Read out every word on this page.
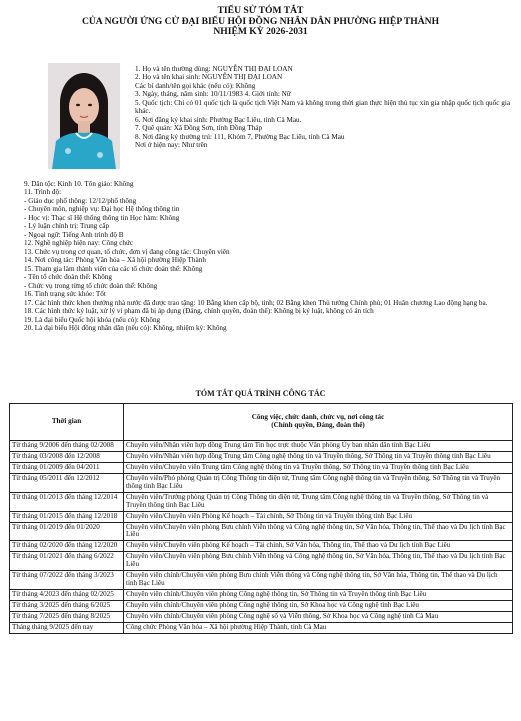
TIỂU SỬ TÓM TẮT
CỦA NGƯỜI ỨNG CỬ ĐẠI BIỂU HỘI ĐỒNG NHÂN DÂN PHƯỜNG HIỆP THÀNH
NHIỆM KỲ 2026-2031
1. Họ và tên thường dùng: NGUYỄN THỊ ĐẠI LOAN
2. Họ và tên khai sinh: NGUYỄN THỊ ĐẠI LOAN
Các bí danh/tên gọi khác (nếu có): Không
3. Ngày, tháng, năm sinh: 10/11/1983 4. Giới tính: Nữ
5. Quốc tịch: Chỉ có 01 quốc tịch là quốc tịch Việt Nam và không trong thời gian thực hiện thủ tục xin gia nhập quốc tịch quốc gia khác.
6. Nơi đăng ký khai sinh: Phường Bạc Liêu, tỉnh Cà Mau.
7. Quê quán: Xã Đồng Sơn, tỉnh Đồng Tháp
8. Nơi đăng ký thường trú: 111, Khóm 7, Phường Bạc Liêu, tỉnh Cà Mau
Nơi ở hiện nay: Như trên
9. Dân tộc: Kinh 10. Tôn giáo: Không
11. Trình độ:
- Giáo dục phổ thông: 12/12/phổ thông
- Chuyên môn, nghiệp vụ: Đại học Hệ thống thông tin
- Học vị: Thạc sĩ Hệ thống thông tin Học hàm: Không
- Lý luận chính trị: Trung cấp
- Ngoại ngữ: Tiếng Anh trình độ B
12. Nghề nghiệp hiện nay: Công chức
13. Chức vụ trong cơ quan, tổ chức, đơn vị đang công tác: Chuyên viên
14. Nơi công tác: Phòng Văn hóa – Xã hội phường Hiệp Thành
15. Tham gia làm thành viên của các tổ chức đoàn thể: Không
- Tên tổ chức đoàn thể: Không
- Chức vụ trong từng tổ chức đoàn thể: Không
16. Tình trạng sức khỏe: Tốt
17. Các hình thức khen thưởng nhà nước đã được trao tặng: 10 Bằng khen cấp bộ, tỉnh; 02 Bằng khen Thủ tướng Chính phủ; 01 Huân chương Lao động hạng ba.
18. Các hình thức kỷ luật, xử lý vi phạm đã bị áp dụng (Đảng, chính quyền, đoàn thể): Không bị kỷ luật, không có án tích
19. Là đại biểu Quốc hội khóa (nếu có): Không
20. Là đại biểu Hội đồng nhân dân (nếu có): Không, nhiệm kỳ: Không
TÓM TẮT QUÁ TRÌNH CÔNG TÁC
Thời gian	Công việc, chức danh, chức vụ, nơi công tác
(Chính quyền, Đảng, đoàn thể)

Từ tháng 9/2006 đến tháng 02/2008	Chuyên viên/Nhân viên hợp đồng Trung tâm Tin học trực thuộc Văn phòng Ủy ban nhân dân tỉnh Bạc Liêu
Từ tháng 03/2008 đến 12/2008	Chuyên viên/Nhân viên hợp đồng Trung tâm Công nghệ thông tin và Truyền thông, Sở Thông tin và Truyền thông tỉnh Bạc Liêu
Từ tháng 01/2009 đến 04/2011	Chuyên viên/Chuyên viên Trung tâm Công nghệ thông tin và Truyền thông, Sở Thông tin và Truyền thông tỉnh Bạc Liêu
Từ tháng 05/2011 đến 12/2012	Chuyên viên/Phó phòng Quản trị Công Thông tin điện tử, Trung tâm Công nghệ thông tin và Truyền thông, Sở Thông tin và Truyền thông tỉnh Bạc Liêu
Từ tháng 01/2013 đến tháng 12/2014	Chuyên viên/Trưởng phòng Quản trị Công Thông tin điện tử, Trung tâm Công nghệ thông tin và Truyền thông, Sở Thông tin và Truyền thông tỉnh Bạc Liêu
Từ tháng 01/2015 đến tháng 12/2018	Chuyên viên/Chuyên viên Phòng Kế hoạch – Tài chính, Sở Thông tin và Truyền thông tỉnh Bạc Liêu
Từ tháng 01/2019 đến 01/2020	Chuyên viên/Chuyên viên phòng Bưu chính Viễn thông và Công nghệ thông tin, Sở Văn hóa, Thông tin, Thể thao và Du lịch tỉnh Bạc Liêu
Từ tháng 02/2020 đến tháng 12/2020	Chuyên viên/Chuyên viên phòng Kế hoạch – Tài chính, Sở Văn hóa, Thông tin, Thể thao và Du lịch tỉnh Bạc Liêu
Từ tháng 01/2021 đến tháng 6/2022	Chuyên viên/Chuyên viên phòng Bưu chính Viễn thông và Công nghệ thông tin, Sở Văn hóa, Thông tin, Thể thao và Du lịch tỉnh Bạc Liêu
Từ tháng 07/2022 đến tháng 3/2023	Chuyên viên chính/Chuyên viên phòng Bưu chính Viễn thông và Công nghệ thông tin, Sở Văn hóa, Thông tin, Thể thao và Du lịch tỉnh Bạc Liêu
Từ tháng 4/2023 đến tháng 02/2025	Chuyên viên chính/Chuyên viên phòng Công nghệ thông tin, Sở Thông tin và Truyền thông tỉnh Bạc Liêu
Từ tháng 3/2025 đến tháng 6/2025	Chuyên viên chính/Chuyên viên phòng Công nghệ thông tin, Sở Khoa học và Công nghệ tỉnh Bạc Liêu
Từ tháng 7/2025 đến tháng 8/2025	Chuyên viên chính/Chuyên viên phòng Công nghệ số và Viễn thông, Sở Khoa học và Công nghệ tỉnh Cà Mau
Tháng tháng 9/2025 đến nay	Công chức Phòng Văn hóa – Xã hội phường Hiệp Thành, tỉnh Cà Mau
